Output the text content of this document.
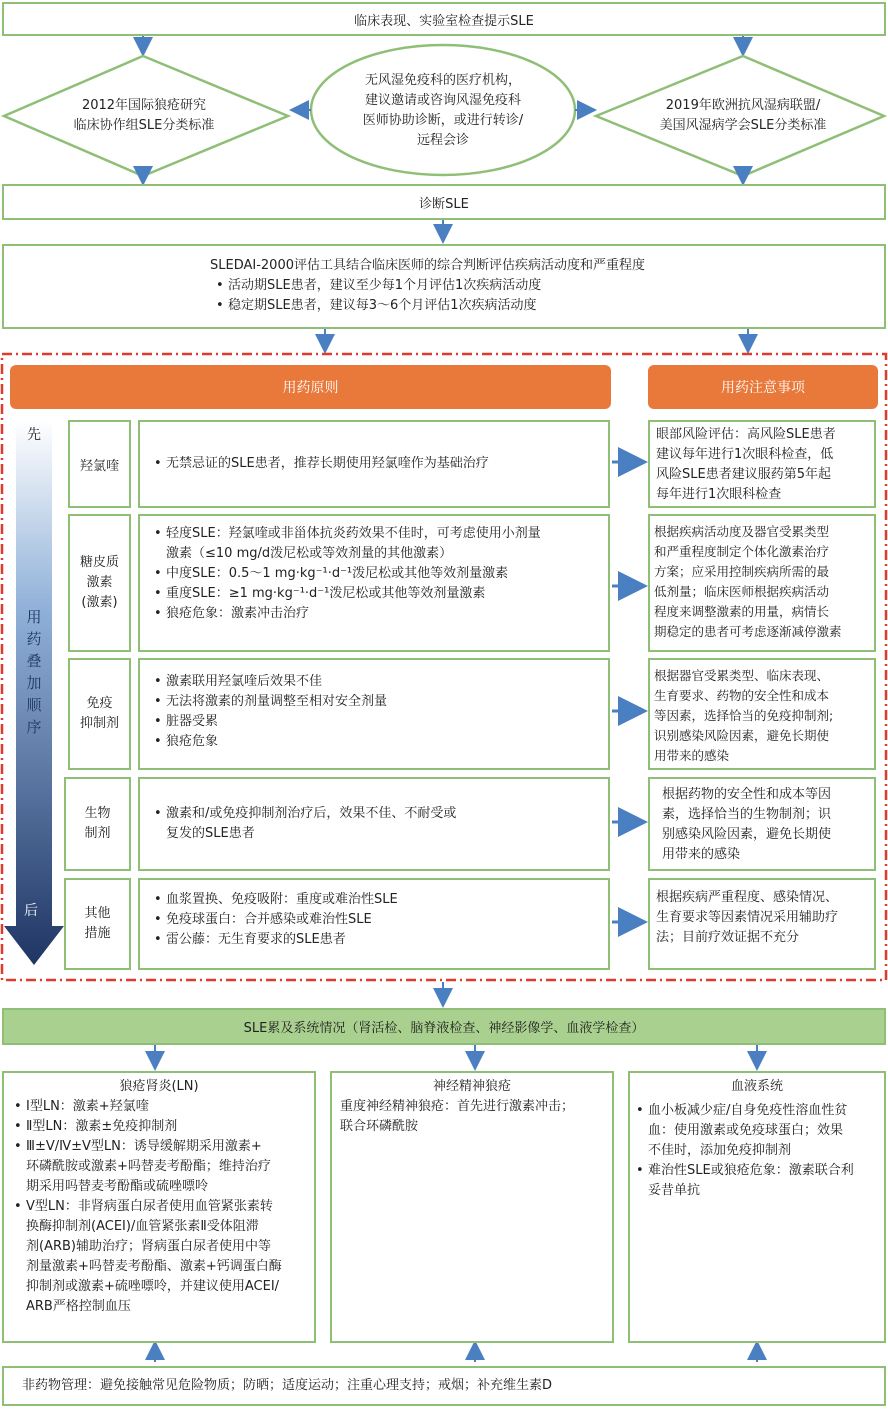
临床表现、实验室检查提示SLE
2012年国际狼疮研究
临床协作组SLE分类标准
无风湿免疫科的医疗机构，
建议邀请或咨询风湿免疫科
医师协助诊断，或进行转诊/
远程会诊
2019年欧洲抗风湿病联盟/
美国风湿病学会SLE分类标准
诊断SLE
SLEDAI-2000评估工具结合临床医师的综合判断评估疾病活动度和严重程度
• 活动期SLE患者，建议至少每1个月评估1次疾病活动度
• 稳定期SLE患者，建议每3～6个月评估1次疾病活动度
用药原则	用药注意事项
先
用
药
叠
加
顺
序
后
羟氯喹
•	无禁忌证的SLE患者，推荐长期使用羟氯喹作为基础治疗
眼部风险评估：高风险SLE患者
建议每年进行1次眼科检查，低
风险SLE患者建议服药第5年起
每年进行1次眼科检查
糖皮质
激素
(激素)
• 轻度SLE：羟氯喹或非甾体抗炎药效果不佳时，可考虑使用小剂量
激素（≤10 mg/d泼尼松或等效剂量的其他激素）
• 中度SLE：0.5～1 mg·kg⁻¹·d⁻¹泼尼松或其他等效剂量激素
• 重度SLE：≥1 mg·kg⁻¹·d⁻¹泼尼松或其他等效剂量激素
• 狼疮危象：激素冲击治疗
根据疾病活动度及器官受累类型
和严重程度制定个体化激素治疗
方案；应采用控制疾病所需的最
低剂量；临床医师根据疾病活动
程度来调整激素的用量，病情长
期稳定的患者可考虑逐渐减停激素
免疫
抑制剂
• 激素联用羟氯喹后效果不佳
• 无法将激素的剂量调整至相对安全剂量
• 脏器受累
• 狼疮危象
根据器官受累类型、临床表现、
生育要求、药物的安全性和成本
等因素，选择恰当的免疫抑制剂;
识别感染风险因素，避免长期使
用带来的感染
生物
制剂
• 激素和/或免疫抑制剂治疗后，效果不佳、不耐受或
复发的SLE患者
根据药物的安全性和成本等因
素，选择恰当的生物制剂；识
别感染风险因素，避免长期使
用带来的感染
其他
措施
• 血浆置换、免疫吸附：重度或难治性SLE
• 免疫球蛋白：合并感染或难治性SLE
• 雷公藤：无生育要求的SLE患者
根据疾病严重程度、感染情况、
生育要求等因素情况采用辅助疗
法；目前疗效证据不充分
SLE累及系统情况（肾活检、脑脊液检查、神经影像学、血液学检查）
狼疮肾炎(LN)
• Ⅰ型LN：激素+羟氯喹
• Ⅱ型LN：激素±免疫抑制剂
• Ⅲ±Ⅴ/Ⅳ±Ⅴ型LN：诱导缓解期采用激素+
环磷酰胺或激素+吗替麦考酚酯；维持治疗
期采用吗替麦考酚酯或硫唑嘌呤
• Ⅴ型LN：非肾病蛋白尿者使用血管紧张素转
换酶抑制剂(ACEI)/血管紧张素Ⅱ受体阻滞
剂(ARB)辅助治疗；肾病蛋白尿者使用中等
剂量激素+吗替麦考酚酯、激素+钙调蛋白酶
抑制剂或激素+硫唑嘌呤，并建议使用ACEI/
ARB严格控制血压
神经精神狼疮
重度神经精神狼疮：首先进行激素冲击；
联合环磷酰胺
血液系统
• 血小板减少症/自身免疫性溶血性贫
血：使用激素或免疫球蛋白；效果
不佳时，添加免疫抑制剂
• 难治性SLE或狼疮危象：激素联合利
妥昔单抗
非药物管理：避免接触常见危险物质；防晒；适度运动；注重心理支持；戒烟；补充维生素D
